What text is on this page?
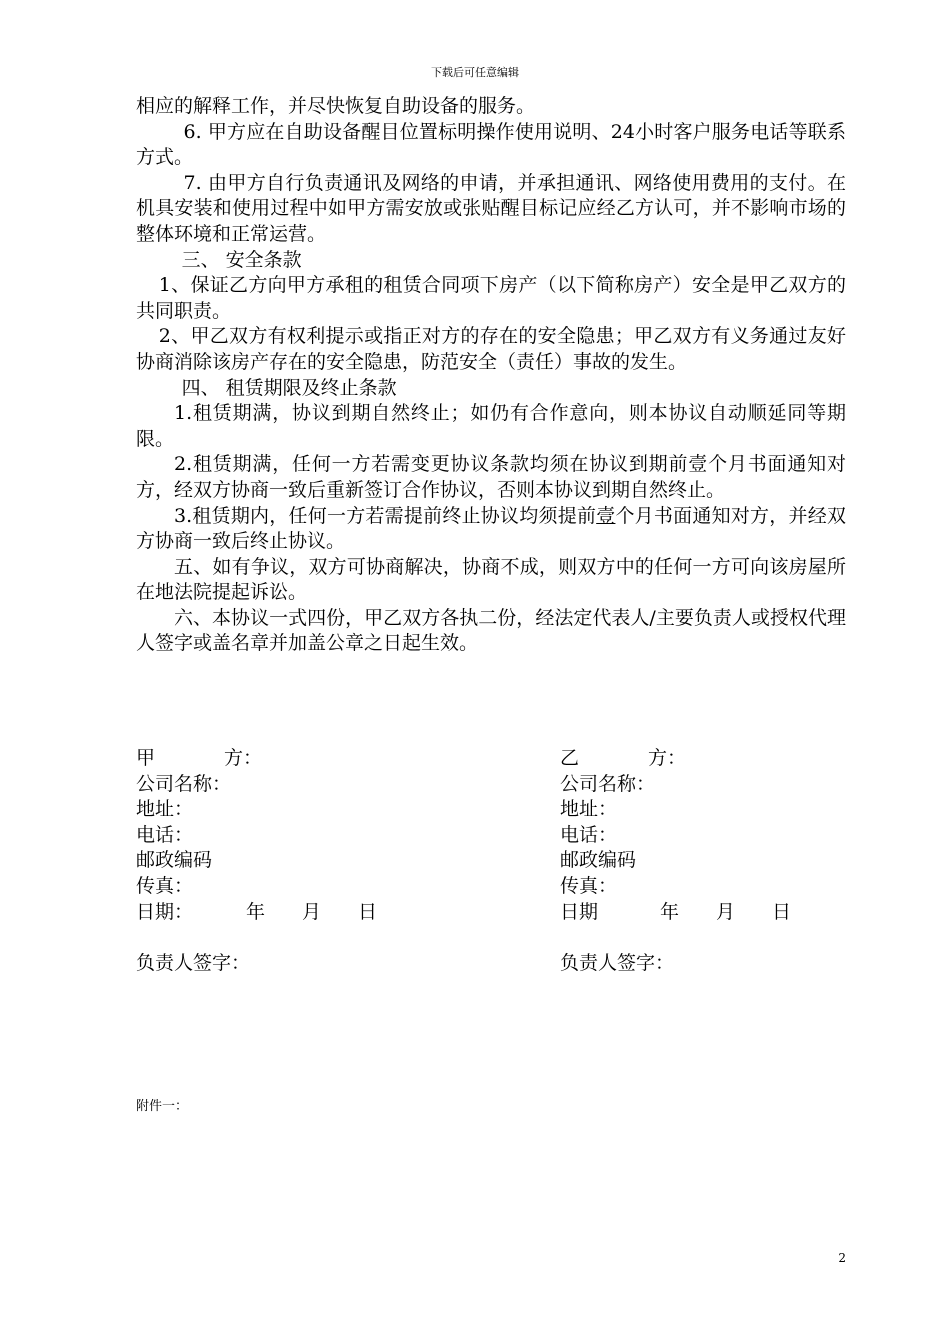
下载后可任意编辑

相应的解释工作，并尽快恢复自助设备的服务。

6. 甲方应在自助设备醒目位置标明操作使用说明、24小时客户服务电话等联系方式。

7. 由甲方自行负责通讯及网络的申请，并承担通讯、网络使用费用的支付。在机具安装和使用过程中如甲方需安放或张贴醒目标记应经乙方认可，并不影响市场的整体环境和正常运营。

三、 安全条款

1、保证乙方向甲方承租的租赁合同项下房产（以下简称房产）安全是甲乙双方的共同职责。

2、甲乙双方有权利提示或指正对方的存在的安全隐患；甲乙双方有义务通过友好协商消除该房产存在的安全隐患，防范安全（责任）事故的发生。

四、 租赁期限及终止条款

1.租赁期满，协议到期自然终止；如仍有合作意向，则本协议自动顺延同等期限。

2.租赁期满，任何一方若需变更协议条款均须在协议到期前壹个月书面通知对方，经双方协商一致后重新签订合作协议，否则本协议到期自然终止。

3.租赁期内，任何一方若需提前终止协议均须提前壹个月书面通知对方，并经双方协商一致后终止协议。

五、如有争议，双方可协商解决，协商不成，则双方中的任何一方可向该房屋所在地法院提起诉讼。

六、本协议一式四份，甲乙双方各执二份，经法定代表人/主要负责人或授权代理人签字或盖名章并加盖公章之日起生效。

甲	方：
公司名称：
地址：
电话：
邮政编码
传真：
日期：	年 月 日
负责人签字：
乙	方：
公司名称：
地址：
电话：
邮政编码
传真：
日期	年 月 日
负责人签字：
附件一：
2
